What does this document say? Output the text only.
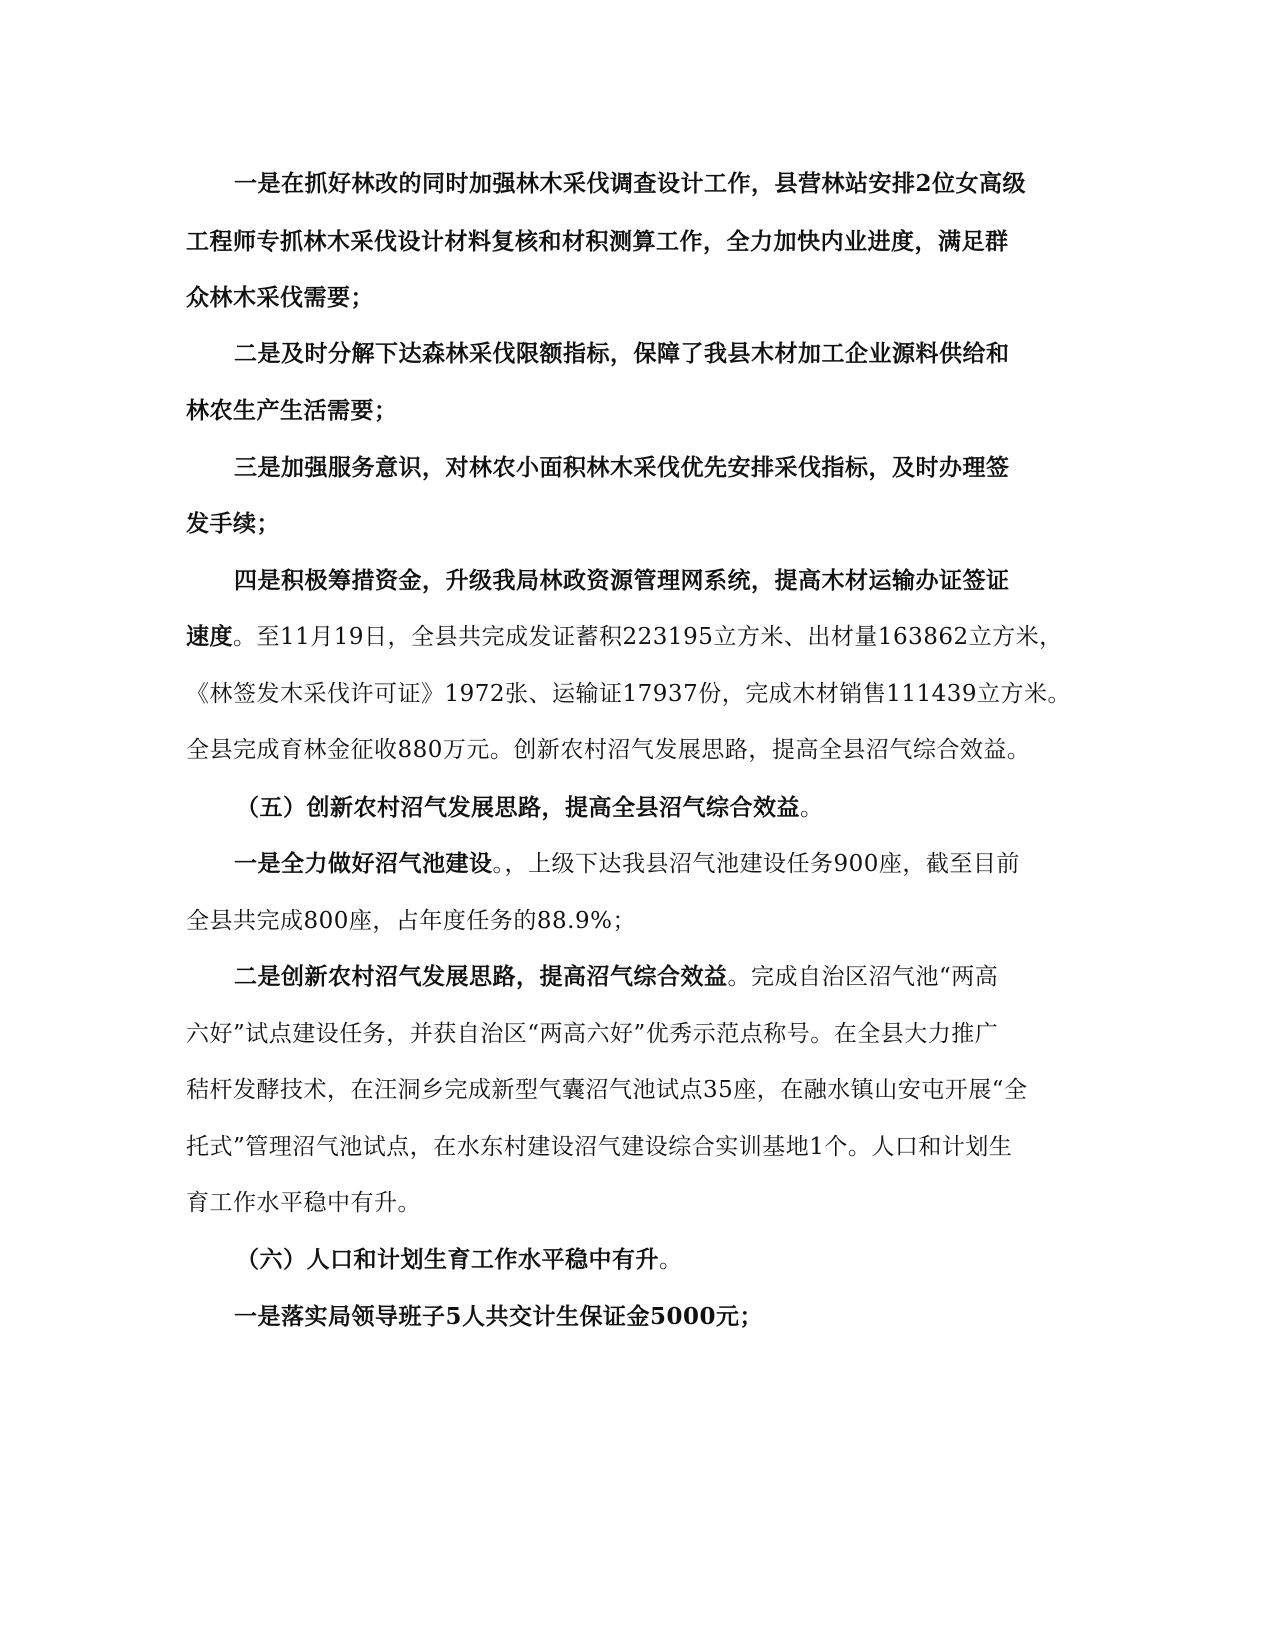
一是在抓好林改的同时加强林木采伐调查设计工作，县营林站安排2位女高级
工程师专抓林木采伐设计材料复核和材积测算工作，全力加快内业进度，满足群
众林木采伐需要；
二是及时分解下达森林采伐限额指标，保障了我县木材加工企业源料供给和
林农生产生活需要；
三是加强服务意识，对林农小面积林木采伐优先安排采伐指标，及时办理签
发手续；
四是积极筹措资金，升级我局林政资源管理网系统，提高木材运输办证签证
速度。至11月19日，全县共完成发证蓄积223195立方米、出材量163862立方米，
《林签发木采伐许可证》1972张、运输证17937份，完成木材销售111439立方米。
全县完成育林金征收880万元。创新农村沼气发展思路，提高全县沼气综合效益。
（五）创新农村沼气发展思路，提高全县沼气综合效益。
一是全力做好沼气池建设。，上级下达我县沼气池建设任务900座，截至目前
全县共完成800座，占年度任务的88.9%；
二是创新农村沼气发展思路，提高沼气综合效益。完成自治区沼气池“两高
六好”试点建设任务，并获自治区“两高六好”优秀示范点称号。在全县大力推广
秸杆发酵技术，在汪洞乡完成新型气囊沼气池试点35座，在融水镇山安屯开展“全
托式”管理沼气池试点，在水东村建设沼气建设综合实训基地1个。人口和计划生
育工作水平稳中有升。
（六）人口和计划生育工作水平稳中有升。
一是落实局领导班子5人共交计生保证金5000元；
